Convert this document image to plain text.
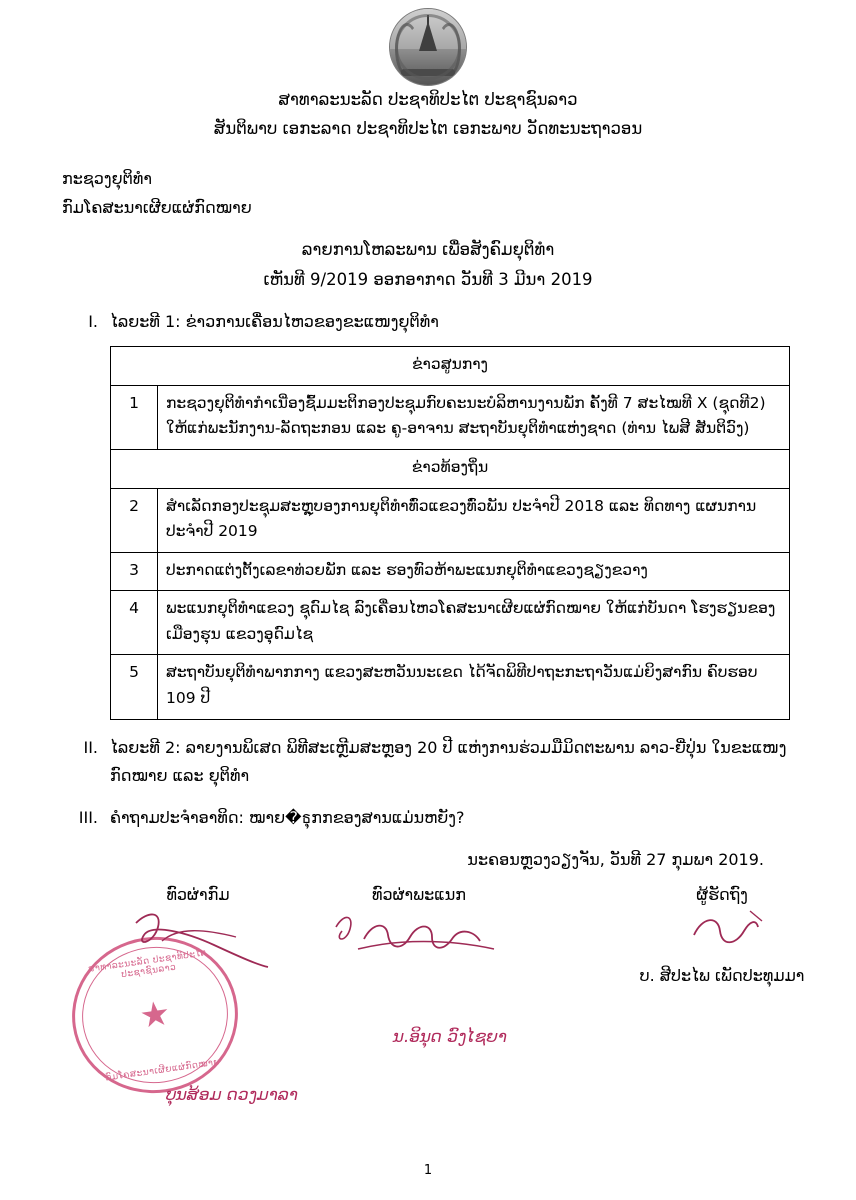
ສາທາລະນະລັດ ປະຊາທິປະໄຕ ປະຊາຊົນລາວ
ສັນຕິພາບ ເອກະລາດ ປະຊາທິປະໄຕ ເອກະພາບ ວັດທະນະຖາວອນ
ກະຊວງຍຸຕິທຳ
ກົມໂຄສະນາເຜີຍແຜ່ກົດໝາຍ
ລາຍການໂຫລະພານ ເພື່ອສັງຄົມຍຸຕິທຳ
ເຫັນທີ 9/2019 ອອກອາກາດ ວັນທີ 3 ມີນາ 2019
I. ໄລຍະທີ 1: ຂ່າວການເຄື່ອນໄຫວຂອງຂະແໜງຍຸຕິທຳ
ຂ່າວສູນກາງ	
1	ກະຊວງຍຸຕິທຳກຳເນີ່ອງຊົ້ມມະຕິກອງປະຊຸມກົບຄະນະບໍລິຫານງານພັກ ຄັ້ງທີ 7 ສະໄໝທີ X (ຊຸດທີ2) ໃຫ້ແກ່ພະນັກງານ-ລັດຖະກອນ ແລະ ຄູ-ອາຈານ ສະຖາບັນຍຸຕິທຳແຫ່ງຊາດ (ທ່ານ ໄພສີ ສັນຕິວົງ)
ຂ່າວທ້ອງຖິ່ນ	
2	ສຳເລັດກອງປະຊຸມສະຫຼຸບອງການຍຸຕິທຳທົ່ວແຂວງທົ່ວພັນ ປະຈຳປີ 2018 ແລະ ທິດທາງ ແຜນການ ປະຈຳປີ 2019
3	ປະກາດແຕ່ງຕັ້ງເລຂາທ່ວຍພັກ ແລະ ຮອງທົວຫ້າພະແນກຍຸຕິທຳແຂວງຊຽງຂວາງ
4	ພະແນກຍຸຕິທຳແຂວງ ຊຸດົມໄຊ ລົງເຄື່ອນໄຫວໂຄສະນາເຜີຍແຜ່ກົດໝາຍ ໃຫ້ແກ່ບັນດາ ໂຮງຮຽນຂອງເມືອງຮຸນ ແຂວງອຸດົມໄຊ
5	ສະຖາບັນຍຸຕິທຳພາກກາງ ແຂວງສະຫວັນນະເຂດ ໄດ້ຈັດພິທີປາຖະກະຖາວັນແມ່ຍິງສາກົນ ຄົບຮອບ 109 ປີ
II. ໄລຍະທີ 2: ລາຍງານພິເສດ ພິທີສະເຫຼີມສະຫຼອງ 20 ປີ ແຫ່ງການຮ່ວມມືມິດຕະພານ ລາວ-ຍີ່ປຸ່ນ ໃນຂະແໜງກົດໝາຍ ແລະ ຍຸຕິທຳ
III. ຄຳຖາມປະຈຳອາທິດ: ໝາຍ�ธຸກກຂອງສານແມ່ນຫຍັງ?
ນະຄອນຫຼວງວຽງຈັນ, ວັນທີ 27 ກຸມພາ 2019.
ສາທາລະນະລັດ ປະຊາທິປະໄຕ ປະຊາຊົນລາວ
★
ກົມໂຄສະນາເຜີຍແຜ່ກົດໝາຍ
ທົວຜ່າກົມ	ທົວຜ່າພະແນກ	ຜູ້ຮັດຖົງ
ບ. ສີປະໄພ ເພັດປະທຸມມາ
ນ.ອິນຸດ ວົງໄຊຍາ
ບຸນສ້ອມ ດວງມາລາ
1
